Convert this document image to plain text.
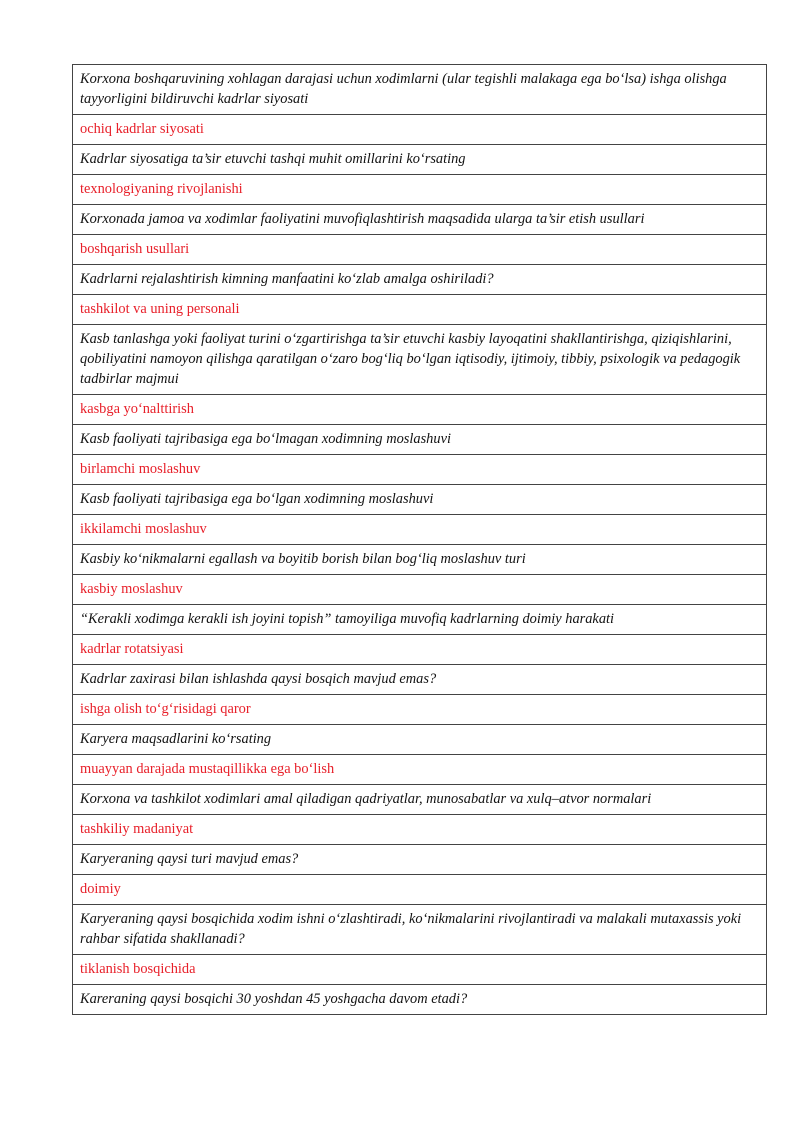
Korxona boshqaruvining xohlagan darajasi uchun xodimlarni (ular tegishli malakaga ega bo‘lsa) ishga olishga tayyorligini bildiruvchi kadrlar siyosati
ochiq kadrlar siyosati
Kadrlar siyosatiga ta’sir etuvchi tashqi muhit omillarini ko‘rsating
texnologiyaning rivojlanishi
Korxonada jamoa va xodimlar faoliyatini muvofiqlashtirish maqsadida ularga ta’sir etish usullari
boshqarish usullari
Kadrlarni rejalashtirish kimning manfaatini ko‘zlab amalga oshiriladi?
tashkilot va uning personali
Kasb tanlashga yoki faoliyat turini o‘zgartirishga ta’sir etuvchi kasbiy layoqatini shakllantirishga, qiziqishlarini, qobiliyatini namoyon qilishga qaratilgan o‘zaro bog‘liq bo‘lgan iqtisodiy, ijtimoiy, tibbiy, psixologik va pedagogik tadbirlar majmui
kasbga yo‘nalttirish
Kasb faoliyati tajribasiga ega bo‘lmagan xodimning moslashuvi
birlamchi moslashuv
Kasb faoliyati tajribasiga ega bo‘lgan xodimning moslashuvi
ikkilamchi moslashuv
Kasbiy ko‘nikmalarni egallash va boyitib borish bilan bog‘liq moslashuv turi
kasbiy moslashuv
“Kerakli xodimga kerakli ish joyini topish” tamoyiliga muvofiq kadrlarning doimiy harakati
kadrlar rotatsiyasi
Kadrlar zaxirasi bilan ishlashda qaysi bosqich mavjud emas?
ishga olish to‘g‘risidagi qaror
Karyera maqsadlarini ko‘rsating
muayyan darajada mustaqillikka ega bo‘lish
Korxona va tashkilot xodimlari amal qiladigan qadriyatlar, munosabatlar va xulq–atvor normalari
tashkiliy madaniyat
Karyeraning qaysi turi mavjud emas?
doimiy
Karyeraning qaysi bosqichida xodim ishni o‘zlashtiradi, ko‘nikmalarini rivojlantiradi va malakali mutaxassis yoki rahbar sifatida shakllanadi?
tiklanish bosqichida
Kareraning qaysi bosqichi 30 yoshdan 45 yoshgacha davom etadi?
